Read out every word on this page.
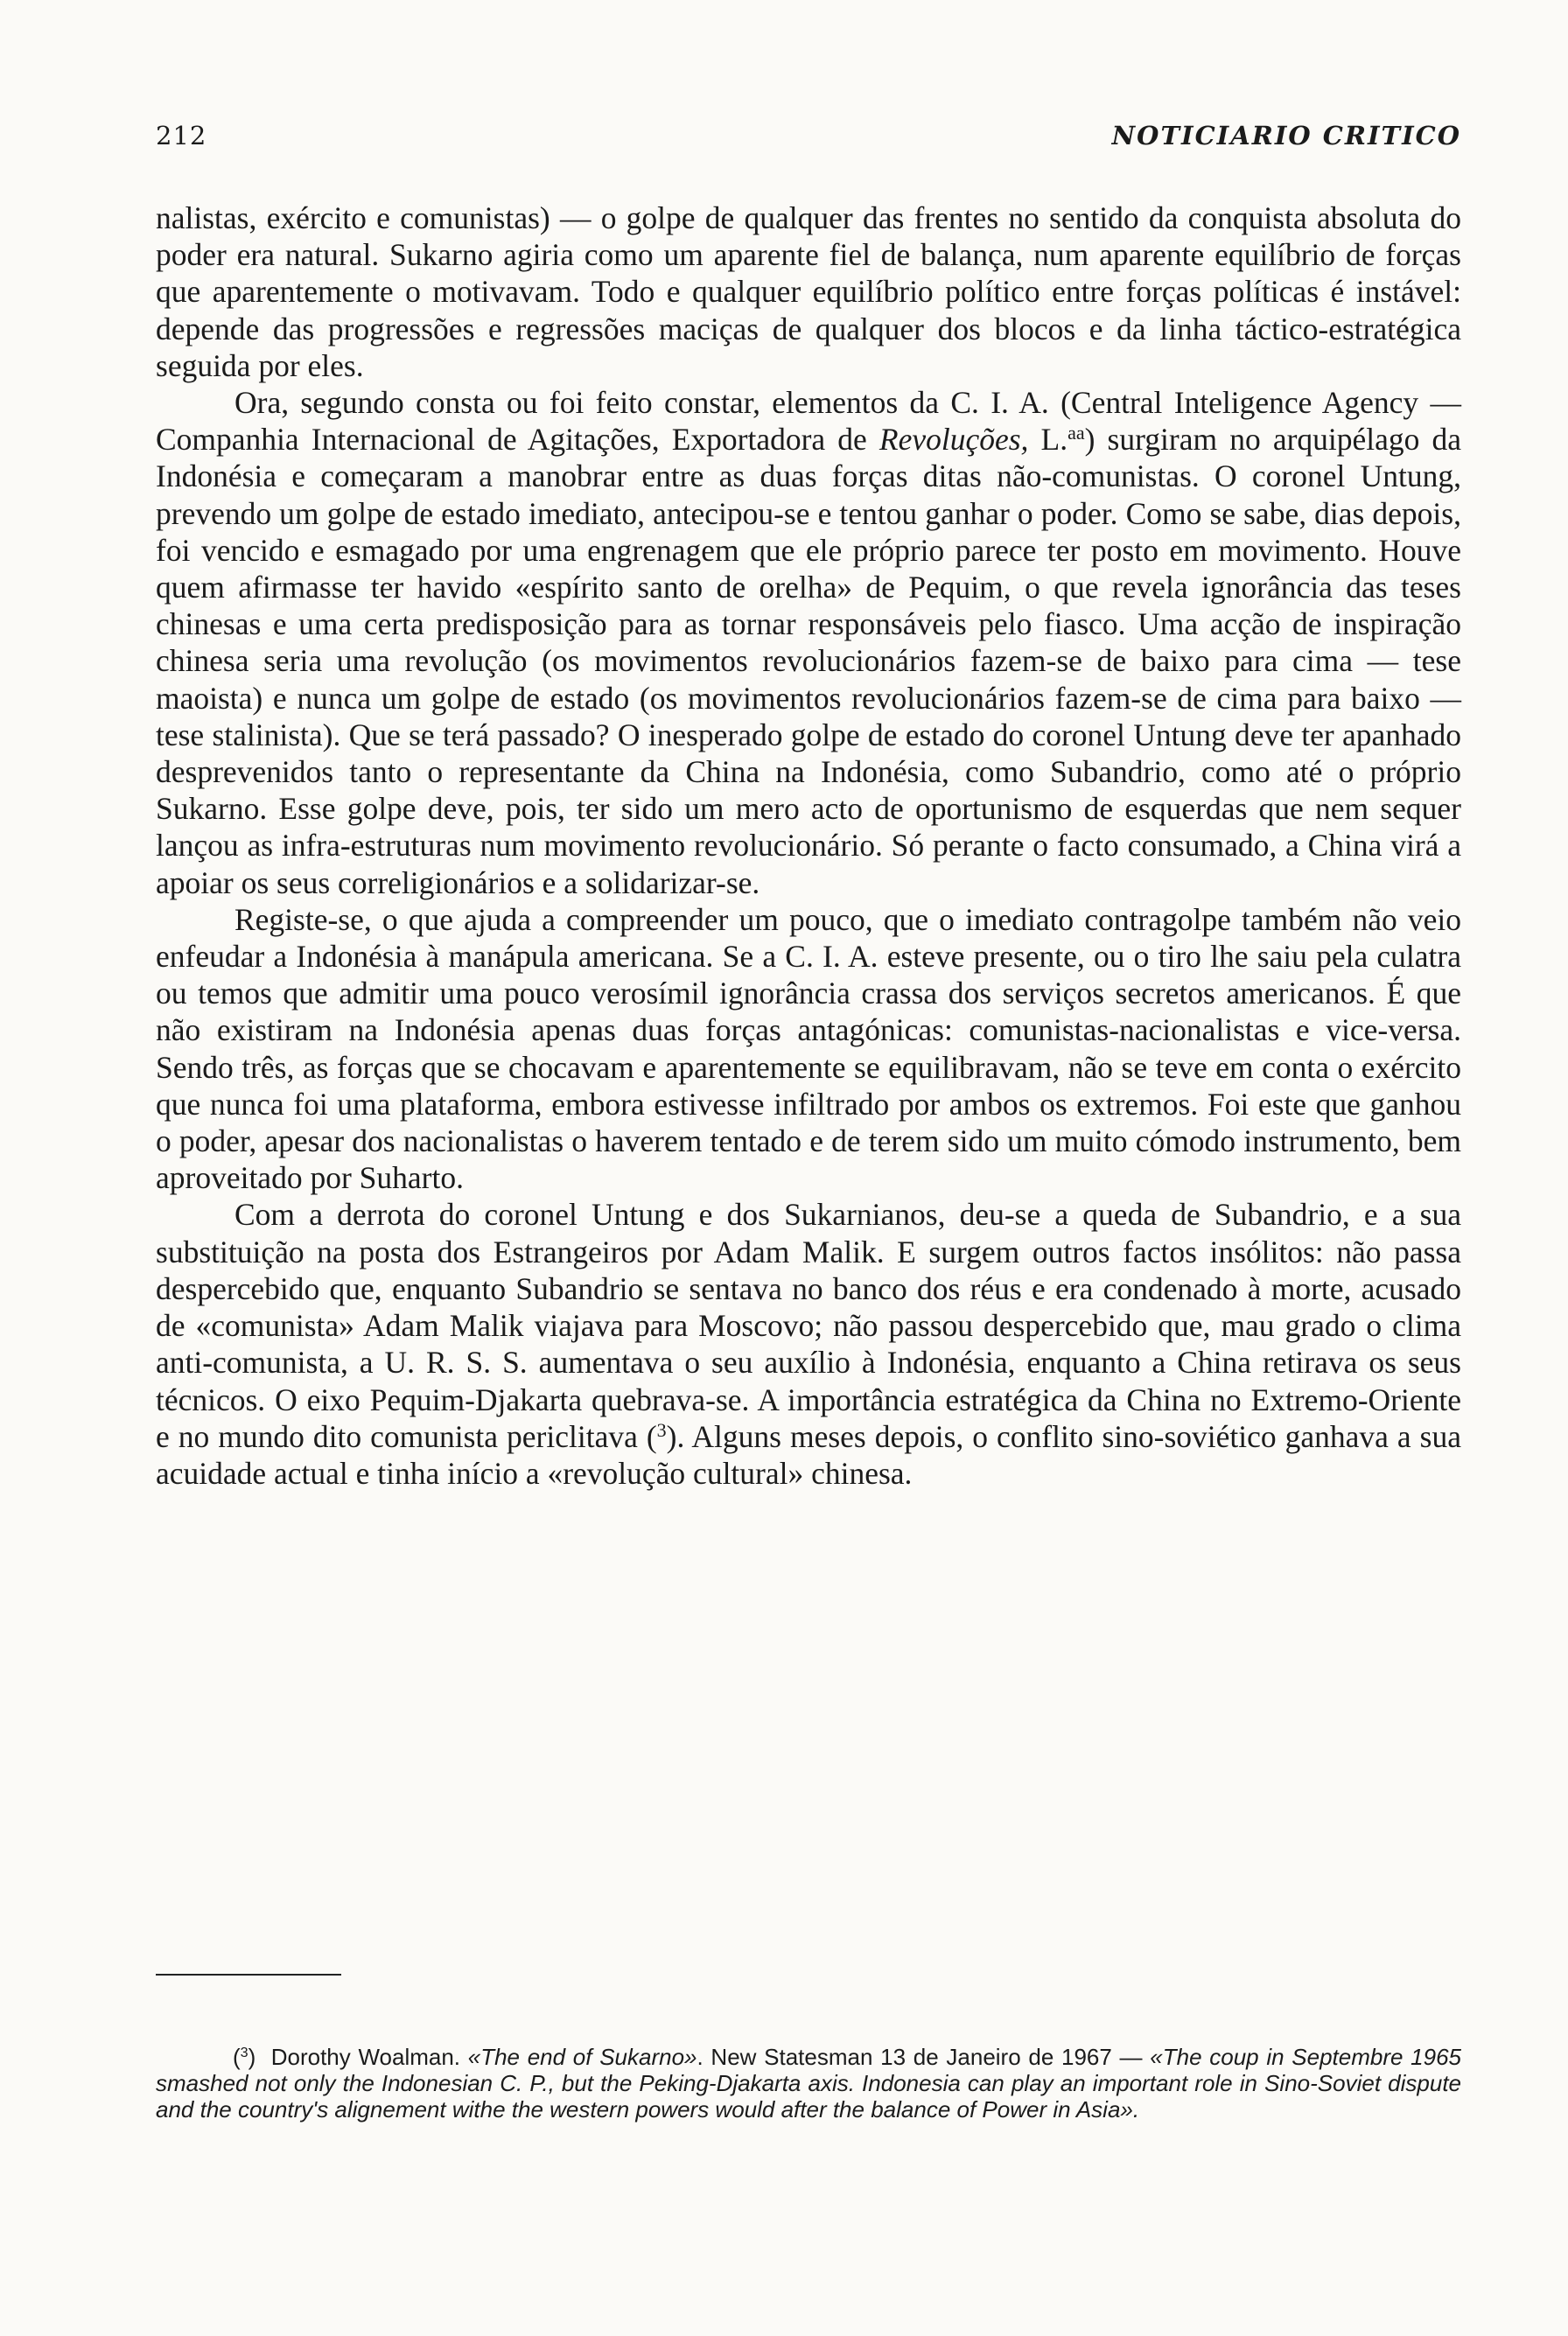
212	NOTICIARIO CRITICO

nalistas, exército e comunistas) — o golpe de qualquer das frentes no sentido da conquista absoluta do poder era natural. Sukarno agiria como um aparente fiel de balança, num aparente equilíbrio de forças que aparentemente o motivavam. Todo e qualquer equilíbrio político entre forças políticas é instável: depende das progressões e regressões maciças de qualquer dos blocos e da linha táctico-estratégica seguida por eles.

Ora, segundo consta ou foi feito constar, elementos da C. I. A. (Central Inteligence Agency — Companhia Internacional de Agitações, Exportadora de Revoluções, L.$^{aa}$) surgiram no arquipélago da Indonésia e começaram a manobrar entre as duas forças ditas não-comunistas. O coronel Untung, prevendo um golpe de estado imediato, antecipou-se e tentou ganhar o poder. Como se sabe, dias depois, foi vencido e esmagado por uma engrenagem que ele próprio parece ter posto em movimento. Houve quem afirmasse ter havido «espírito santo de orelha» de Pequim, o que revela ignorância das teses chinesas e uma certa predisposição para as tornar responsáveis pelo fiasco. Uma acção de inspiração chinesa seria uma revolução (os movimentos revolucionários fazem-se de baixo para cima — tese maoista) e nunca um golpe de estado (os movimentos revolucionários fazem-se de cima para baixo — tese stalinista). Que se terá passado? O inesperado golpe de estado do coronel Untung deve ter apanhado desprevenidos tanto o representante da China na Indonésia, como Subandrio, como até o próprio Sukarno. Esse golpe deve, pois, ter sido um mero acto de oportunismo de esquerdas que nem sequer lançou as infra-estruturas num movimento revolucionário. Só perante o facto consumado, a China virá a apoiar os seus correligionários e a solidarizar-se.

Registe-se, o que ajuda a compreender um pouco, que o imediato contragolpe também não veio enfeudar a Indonésia à manápula americana. Se a C. I. A. esteve presente, ou o tiro lhe saiu pela culatra ou temos que admitir uma pouco verosímil ignorância crassa dos serviços secretos americanos. É que não existiram na Indonésia apenas duas forças antagónicas: comunistas-nacionalistas e vice-versa. Sendo três, as forças que se chocavam e aparentemente se equilibravam, não se teve em conta o exército que nunca foi uma plataforma, embora estivesse infiltrado por ambos os extremos. Foi este que ganhou o poder, apesar dos nacionalistas o haverem tentado e de terem sido um muito cómodo instrumento, bem aproveitado por Suharto.

Com a derrota do coronel Untung e dos Sukarnianos, deu-se a queda de Subandrio, e a sua substituição na posta dos Estrangeiros por Adam Malik. E surgem outros factos insólitos: não passa despercebido que, enquanto Subandrio se sentava no banco dos réus e era condenado à morte, acusado de «comunista» Adam Malik viajava para Moscovo; não passou despercebido que, mau grado o clima anti-comunista, a U. R. S. S. aumentava o seu auxílio à Indonésia, enquanto a China retirava os seus técnicos. O eixo Pequim-Djakarta quebrava-se. A importância estratégica da China no Extremo-Oriente e no mundo dito comunista periclitava ($^3$). Alguns meses depois, o conflito sino-soviético ganhava a sua acuidade actual e tinha início a «revolução cultural» chinesa.

($^3$)  Dorothy Woalman. «The end of Sukarno». New Statesman 13 de Janeiro de 1967 — «The coup in Septembre 1965 smashed not only the Indonesian C. P., but the Peking-Djakarta axis. Indonesia can play an important role in Sino-Soviet dispute and the country's alignement withe the western powers would after the balance of Power in Asia».
